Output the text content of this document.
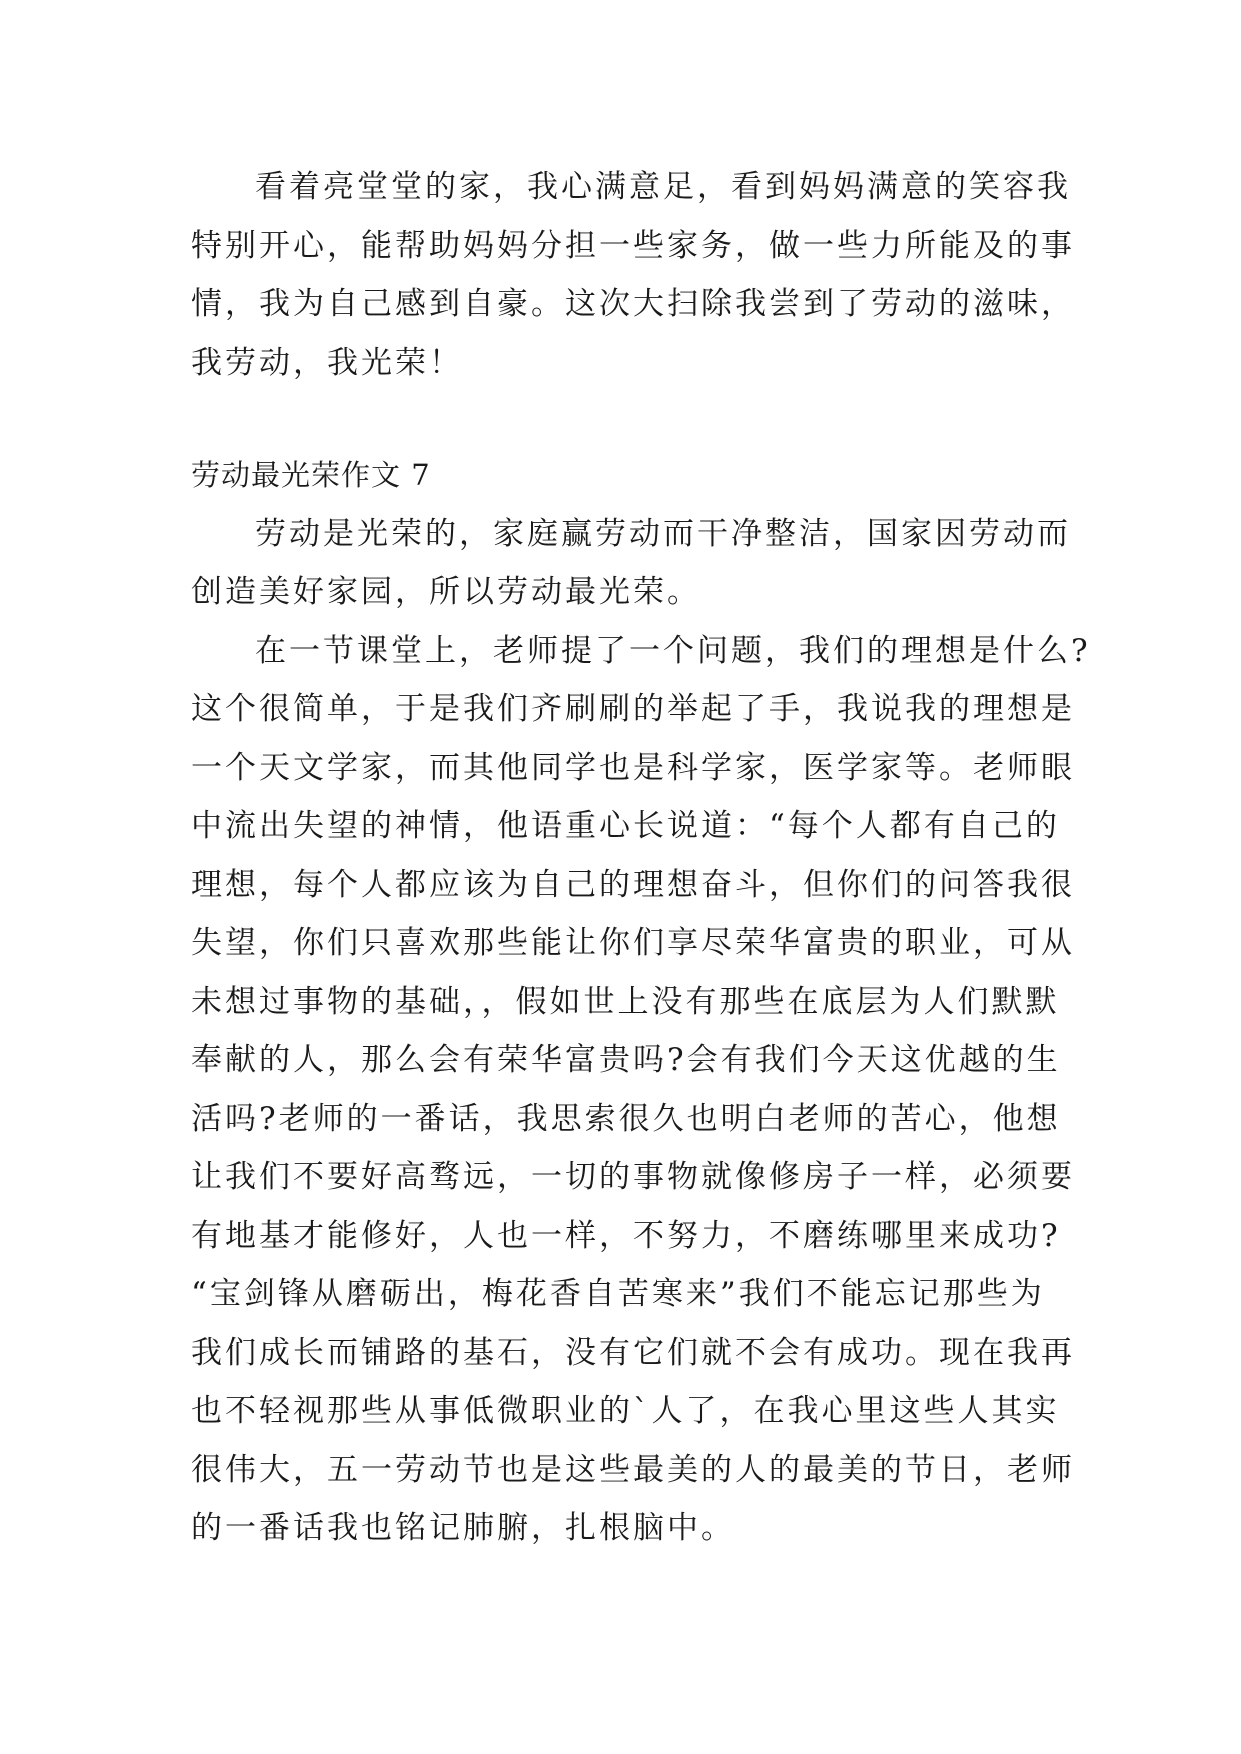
看着亮堂堂的家，我心满意足，看到妈妈满意的笑容我
特别开心，能帮助妈妈分担一些家务，做一些力所能及的事
情，我为自己感到自豪。这次大扫除我尝到了劳动的滋味，
我劳动，我光荣！
劳动最光荣作文 7
劳动是光荣的，家庭赢劳动而干净整洁，国家因劳动而
创造美好家园，所以劳动最光荣。
在一节课堂上，老师提了一个问题，我们的理想是什么?
这个很简单，于是我们齐刷刷的举起了手，我说我的理想是
一个天文学家，而其他同学也是科学家，医学家等。老师眼
中流出失望的神情，他语重心长说道：“每个人都有自己的
理想，每个人都应该为自己的理想奋斗，但你们的问答我很
失望，你们只喜欢那些能让你们享尽荣华富贵的职业，可从
未想过事物的基础，，假如世上没有那些在底层为人们默默
奉献的人，那么会有荣华富贵吗?会有我们今天这优越的生
活吗?老师的一番话，我思索很久也明白老师的苦心，他想
让我们不要好高骛远，一切的事物就像修房子一样，必须要
有地基才能修好，人也一样，不努力，不磨练哪里来成功?
“宝剑锋从磨砺出，梅花香自苦寒来”我们不能忘记那些为
我们成长而铺路的基石，没有它们就不会有成功。现在我再
也不轻视那些从事低微职业的`人了，在我心里这些人其实
很伟大，五一劳动节也是这些最美的人的最美的节日，老师
的一番话我也铭记肺腑，扎根脑中。
